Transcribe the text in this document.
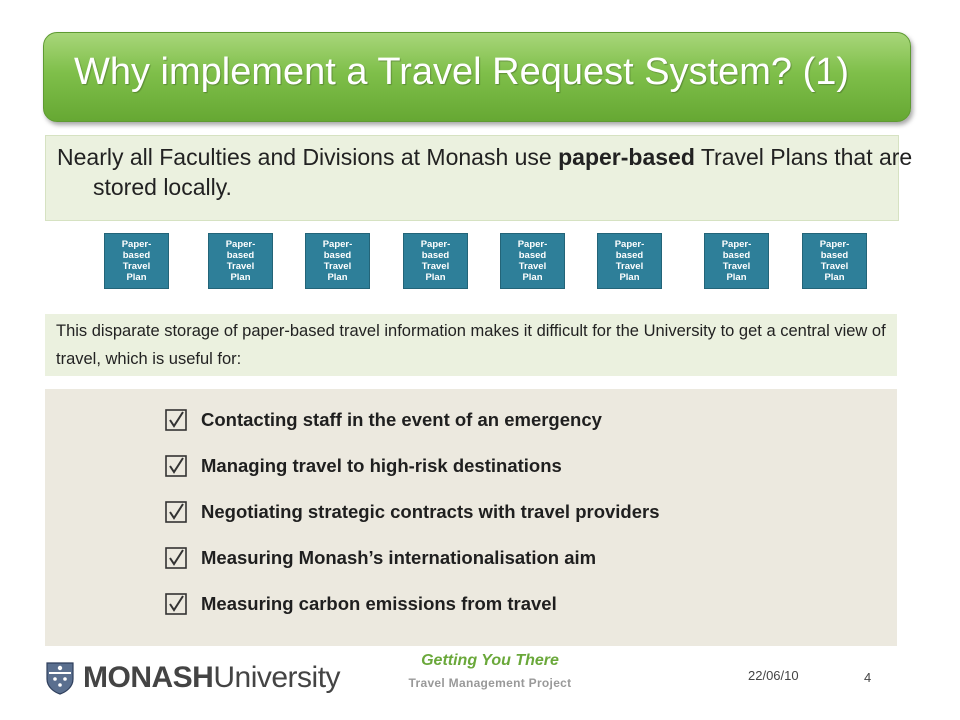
Why implement a Travel Request System? (1)
Nearly all Faculties and Divisions at Monash use paper-based Travel Plans that are stored locally.
Paper-
based
Travel
Plan
Paper-
based
Travel
Plan
Paper-
based
Travel
Plan
Paper-
based
Travel
Plan
Paper-
based
Travel
Plan
Paper-
based
Travel
Plan
Paper-
based
Travel
Plan
Paper-
based
Travel
Plan
This disparate storage of paper-based travel information makes it difficult for the University to get a central view of travel, which is useful for:
Contacting staff in the event of an emergency
Managing travel to high-risk destinations
Negotiating strategic contracts with travel providers
Measuring Monash’s internationalisation aim
Measuring carbon emissions from travel
MONASH University
Getting You There
Travel Management Project	22/06/10	4
